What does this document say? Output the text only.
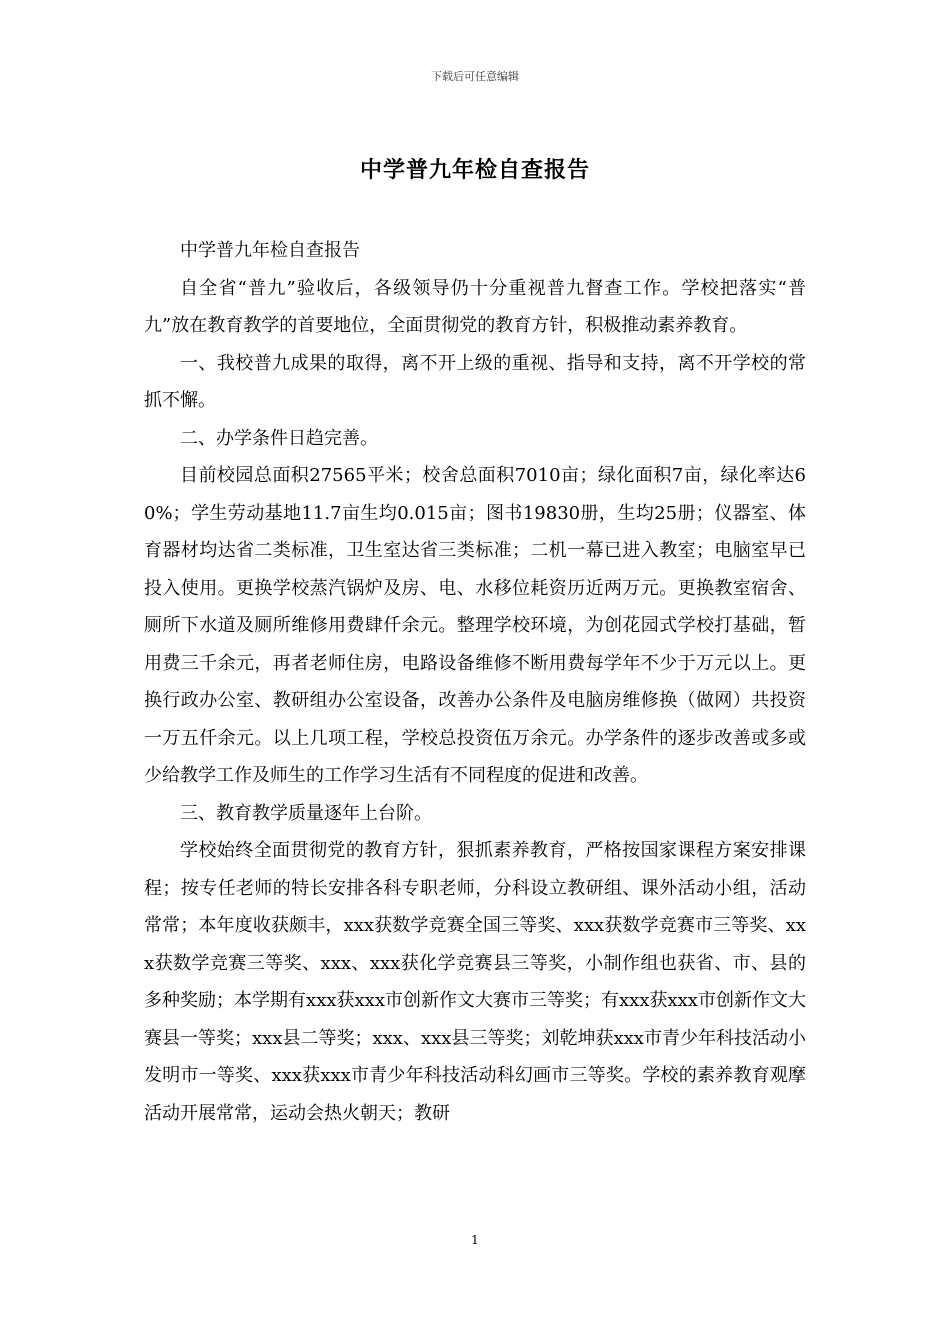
下载后可任意编辑
中学普九年检自查报告

中学普九年检自查报告

自全省“普九”验收后，各级领导仍十分重视普九督查工作。学校把落实“普九”放在教育教学的首要地位，全面贯彻党的教育方针，积极推动素养教育。

一、我校普九成果的取得，离不开上级的重视、指导和支持，离不开学校的常抓不懈。

二、办学条件日趋完善。

目前校园总面积27565平米；校舍总面积7010亩；绿化面积7亩，绿化率达60%；学生劳动基地11.7亩生均0.015亩；图书19830册，生均25册；仪器室、体育器材均达省二类标准，卫生室达省三类标准；二机一幕已进入教室；电脑室早已投入使用。更换学校蒸汽锅炉及房、电、水移位耗资历近两万元。更换教室宿舍、厕所下水道及厕所维修用费肆仟余元。整理学校环境，为创花园式学校打基础，暂用费三千余元，再者老师住房，电路设备维修不断用费每学年不少于万元以上。更换行政办公室、教研组办公室设备，改善办公条件及电脑房维修换（做网）共投资一万五仟余元。以上几项工程，学校总投资伍万余元。办学条件的逐步改善或多或少给教学工作及师生的工作学习生活有不同程度的促进和改善。

三、教育教学质量逐年上台阶。

学校始终全面贯彻党的教育方针，狠抓素养教育，严格按国家课程方案安排课程；按专任老师的特长安排各科专职老师，分科设立教研组、课外活动小组，活动常常；本年度收获颇丰，xxx获数学竞赛全国三等奖、xxx获数学竞赛市三等奖、xxx获数学竞赛三等奖、xxx、xxx获化学竞赛县三等奖，小制作组也获省、市、县的多种奖励；本学期有xxx获xxx市创新作文大赛市三等奖；有xxx获xxx市创新作文大赛县一等奖；xxx县二等奖；xxx、xxx县三等奖；刘乾坤获xxx市青少年科技活动小发明市一等奖、xxx获xxx市青少年科技活动科幻画市三等奖。学校的素养教育观摩活动开展常常，运动会热火朝天；教研

1
